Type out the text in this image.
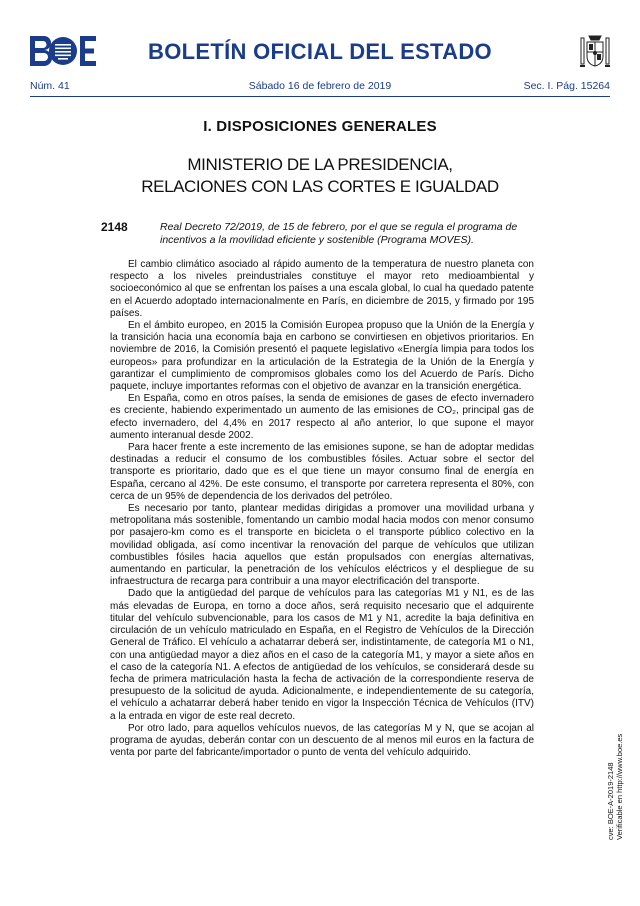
BOLETÍN OFICIAL DEL ESTADO
Núm. 41	Sábado 16 de febrero de 2019	Sec. I. Pág. 15264
I. DISPOSICIONES GENERALES
MINISTERIO DE LA PRESIDENCIA,
RELACIONES CON LAS CORTES E IGUALDAD
2148	Real Decreto 72/2019, de 15 de febrero, por el que se regula el programa de incentivos a la movilidad eficiente y sostenible (Programa MOVES).

El cambio climático asociado al rápido aumento de la temperatura de nuestro planeta con respecto a los niveles preindustriales constituye el mayor reto medioambiental y socioeconómico al que se enfrentan los países a una escala global, lo cual ha quedado patente en el Acuerdo adoptado internacionalmente en París, en diciembre de 2015, y firmado por 195 países.

En el ámbito europeo, en 2015 la Comisión Europea propuso que la Unión de la Energía y la transición hacia una economía baja en carbono se convirtiesen en objetivos prioritarios. En noviembre de 2016, la Comisión presentó el paquete legislativo «Energía limpia para todos los europeos» para profundizar en la articulación de la Estrategia de la Unión de la Energía y garantizar el cumplimiento de compromisos globales como los del Acuerdo de París. Dicho paquete, incluye importantes reformas con el objetivo de avanzar en la transición energética.

En España, como en otros países, la senda de emisiones de gases de efecto invernadero es creciente, habiendo experimentado un aumento de las emisiones de CO₂, principal gas de efecto invernadero, del 4,4% en 2017 respecto al año anterior, lo que supone el mayor aumento interanual desde 2002.

Para hacer frente a este incremento de las emisiones supone, se han de adoptar medidas destinadas a reducir el consumo de los combustibles fósiles. Actuar sobre el sector del transporte es prioritario, dado que es el que tiene un mayor consumo final de energía en España, cercano al 42%. De este consumo, el transporte por carretera representa el 80%, con cerca de un 95% de dependencia de los derivados del petróleo.

Es necesario por tanto, plantear medidas dirigidas a promover una movilidad urbana y metropolitana más sostenible, fomentando un cambio modal hacia modos con menor consumo por pasajero-km como es el transporte en bicicleta o el transporte público colectivo en la movilidad obligada, así como incentivar la renovación del parque de vehículos que utilizan combustibles fósiles hacia aquellos que están propulsados con energías alternativas, aumentando en particular, la penetración de los vehículos eléctricos y el despliegue de su infraestructura de recarga para contribuir a una mayor electrificación del transporte.

Dado que la antigüedad del parque de vehículos para las categorías M1 y N1, es de las más elevadas de Europa, en torno a doce años, será requisito necesario que el adquirente titular del vehículo subvencionable, para los casos de M1 y N1, acredite la baja definitiva en circulación de un vehículo matriculado en España, en el Registro de Vehículos de la Dirección General de Tráfico. El vehículo a achatarrar deberá ser, indistintamente, de categoría M1 o N1, con una antigüedad mayor a diez años en el caso de la categoría M1, y mayor a siete años en el caso de la categoría N1. A efectos de antigüedad de los vehículos, se considerará desde su fecha de primera matriculación hasta la fecha de activación de la correspondiente reserva de presupuesto de la solicitud de ayuda. Adicionalmente, e independientemente de su categoría, el vehículo a achatarrar deberá haber tenido en vigor la Inspección Técnica de Vehículos (ITV) a la entrada en vigor de este real decreto.

Por otro lado, para aquellos vehículos nuevos, de las categorías M y N, que se acojan al programa de ayudas, deberán contar con un descuento de al menos mil euros en la factura de venta por parte del fabricante/importador o punto de venta del vehículo adquirido.

cve: BOE-A-2019-2148 Verificable en http://www.boe.es
